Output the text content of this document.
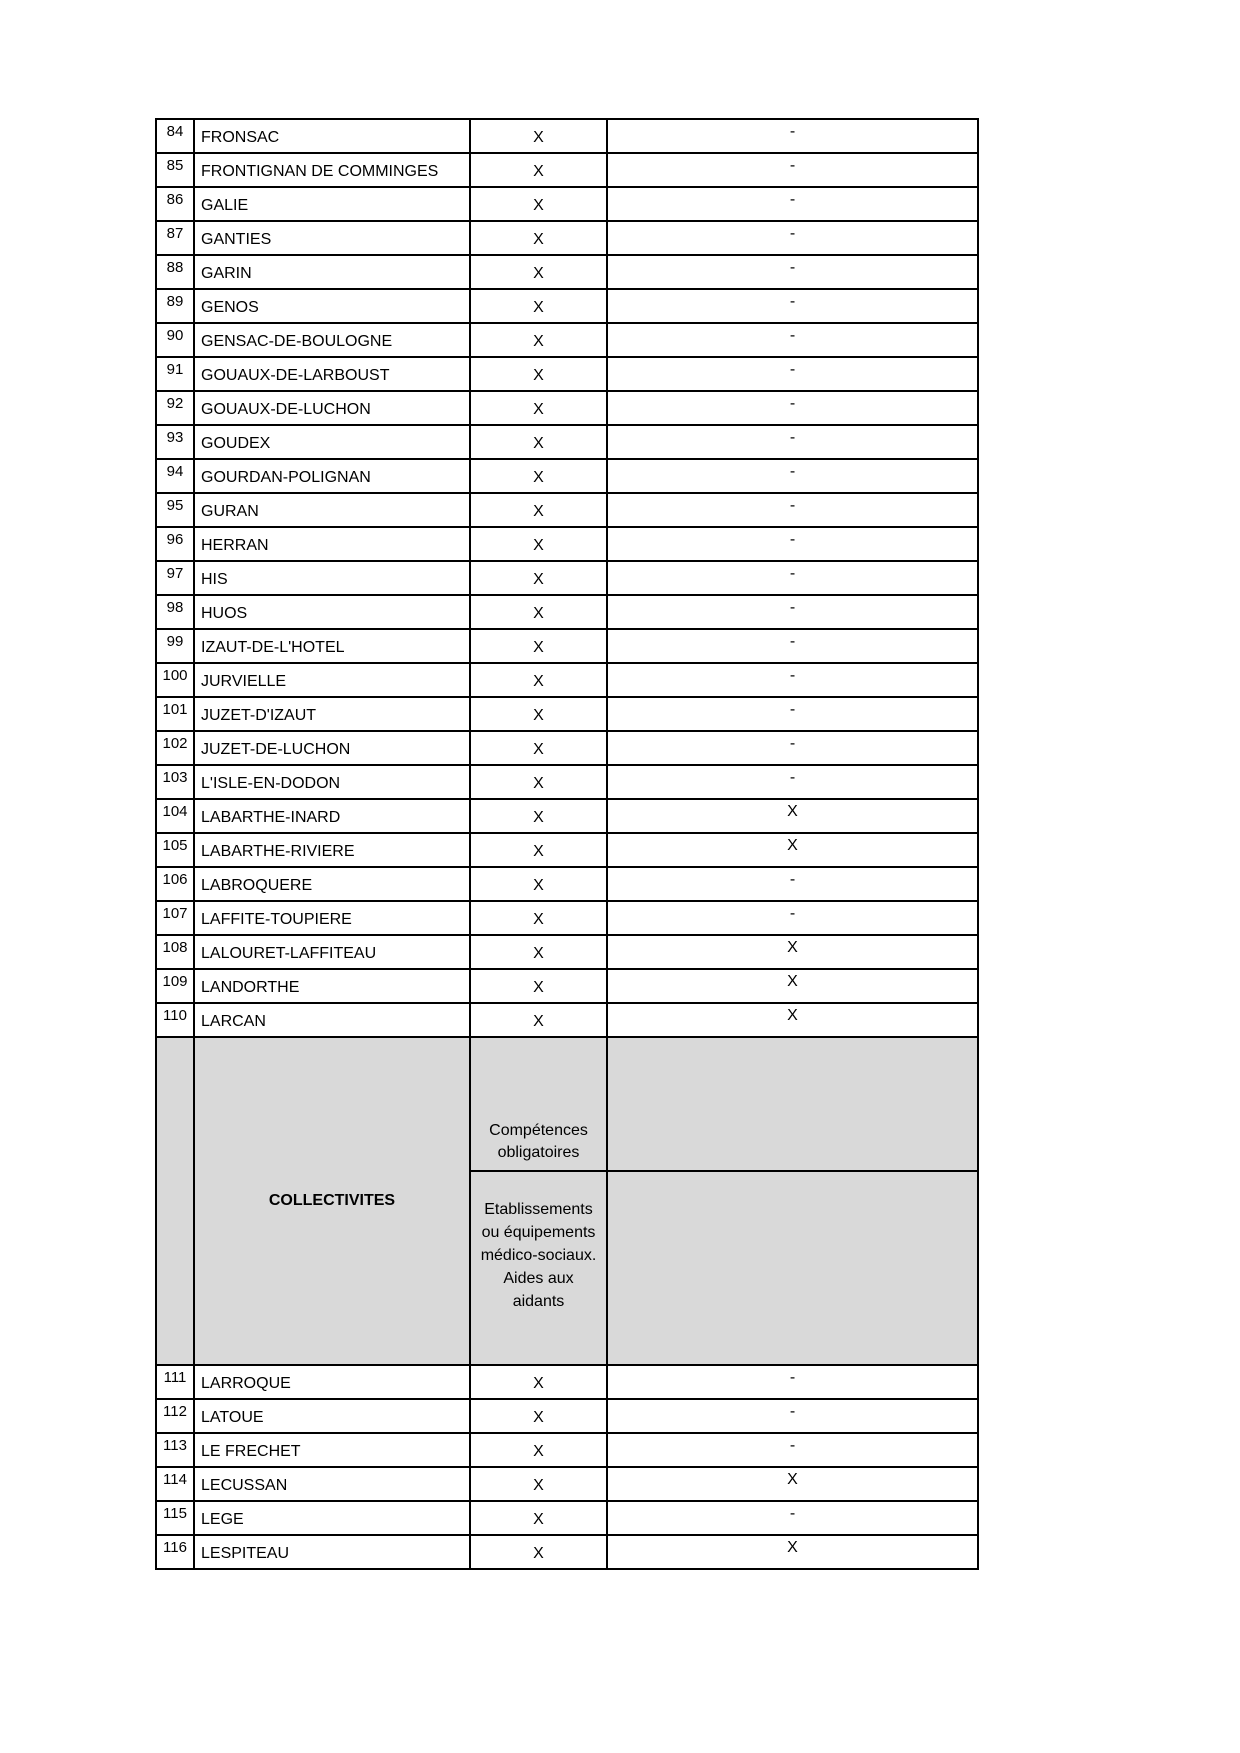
84	FRONSAC	X	-

85	FRONTIGNAN DE COMMINGES	X	-

86	GALIE	X	-

87	GANTIES	X	-

88	GARIN	X	-

89	GENOS	X	-

90	GENSAC-DE-BOULOGNE	X	-

91	GOUAUX-DE-LARBOUST	X	-

92	GOUAUX-DE-LUCHON	X	-

93	GOUDEX	X	-

94	GOURDAN-POLIGNAN	X	-

95	GURAN	X	-

96	HERRAN	X	-

97	HIS	X	-

98	HUOS	X	-

99	IZAUT-DE-L'HOTEL	X	-

100	JURVIELLE	X	-

101	JUZET-D'IZAUT	X	-

102	JUZET-DE-LUCHON	X	-

103	L'ISLE-EN-DODON	X	-

104	LABARTHE-INARD	X	X

105	LABARTHE-RIVIERE	X	X

106	LABROQUERE	X	-

107	LAFFITE-TOUPIERE	X	-

108	LALOURET-LAFFITEAU	X	X

109	LANDORTHE	X	X

110	LARCAN	X	X

	COLLECTIVITES	Compétences
obligatoires	
		Etablissements
ou équipements
médico-sociaux.
Aides aux
aidants	

111	LARROQUE	X	-

112	LATOUE	X	-

113	LE FRECHET	X	-

114	LECUSSAN	X	X

115	LEGE	X	-

116	LESPITEAU	X	X
